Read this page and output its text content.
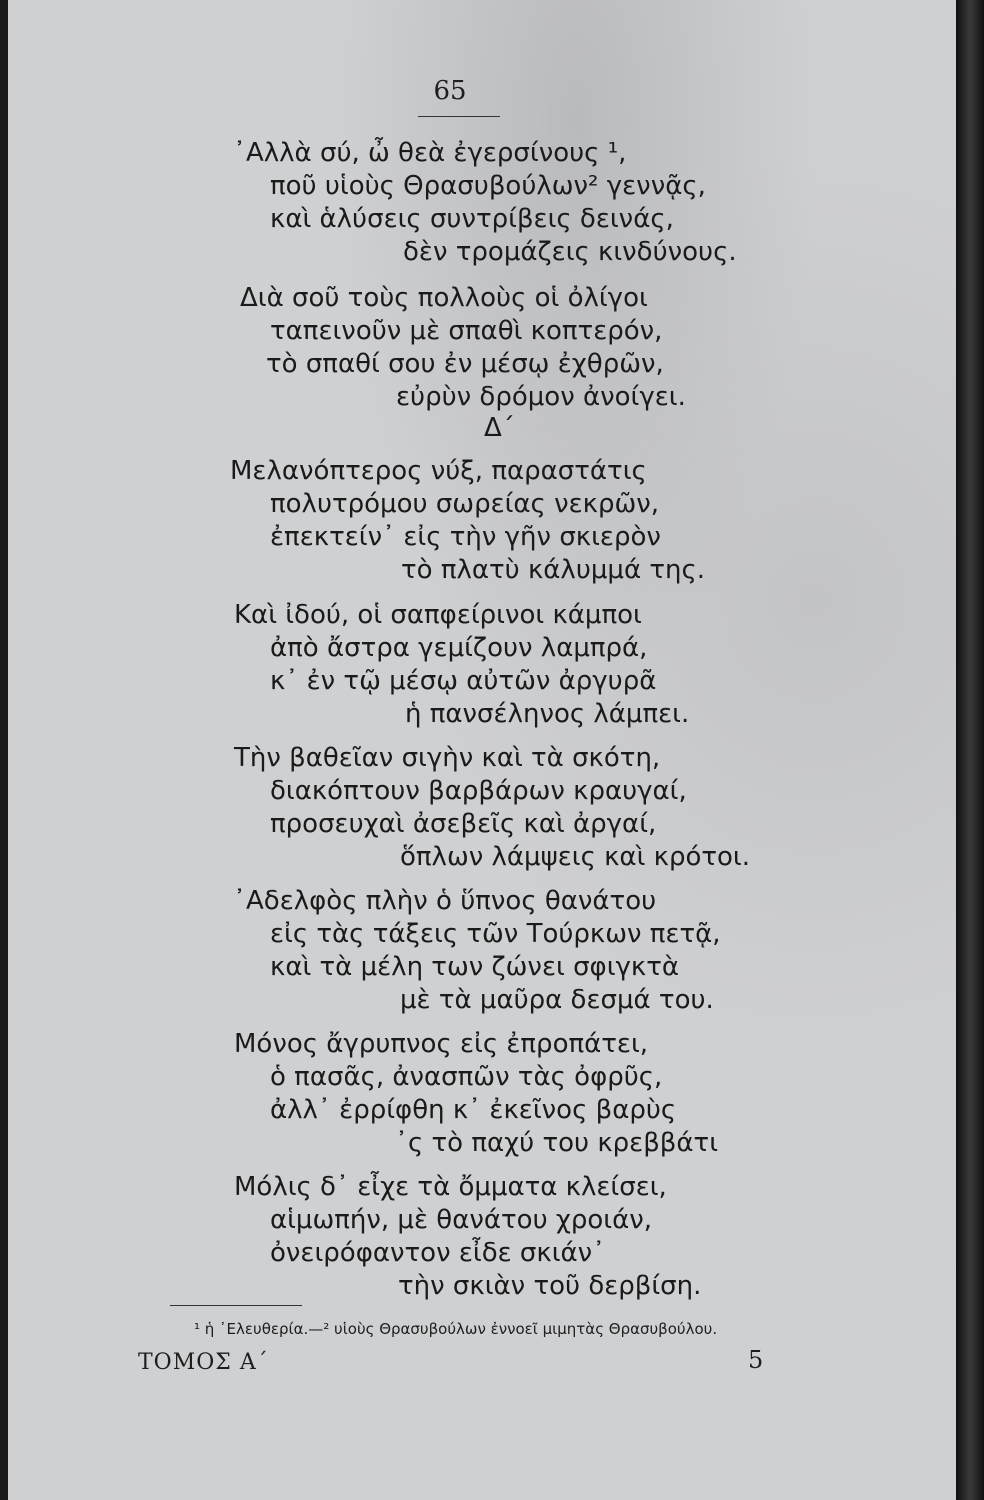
65
᾿Αλλὰ σύ, ὦ θεὰ ἐγερσίνους ¹,
ποῦ υἱοὺς Θρασυβούλων² γεννᾷς,
καὶ ἁλύσεις συντρίβεις δεινάς,
δὲν τρομάζεις κινδύνους.
Διὰ σοῦ τοὺς πολλοὺς οἱ ὀλίγοι
ταπεινοῦν μὲ σπαθὶ κοπτερόν,
τὸ σπαθί σου ἐν μέσῳ ἐχθρῶν,
εὐρὺν δρόμον ἀνοίγει.
Δ΄
Μελανόπτερος νύξ, παραστάτις
πολυτρόμου σωρείας νεκρῶν,
ἐπεκτείν᾿ εἰς τὴν γῆν σκιερὸν
τὸ πλατὺ κάλυμμά της.
Καὶ ἰδού, οἱ σαπφείρινοι κάμποι
ἀπὸ ἄστρα γεμίζουν λαμπρά,
κ᾿ ἐν τῷ μέσῳ αὐτῶν ἀργυρᾶ
ἡ πανσέληνος λάμπει.
Τὴν βαθεῖαν σιγὴν καὶ τὰ σκότη,
διακόπτουν βαρβάρων κραυγαί,
προσευχαὶ ἀσεβεῖς καὶ ἀργαί,
ὅπλων λάμψεις καὶ κρότοι.
᾿Αδελφὸς πλὴν ὁ ὕπνος θανάτου
εἰς τὰς τάξεις τῶν Τούρκων πετᾷ,
καὶ τὰ μέλη των ζώνει σφιγκτὰ
μὲ τὰ μαῦρα δεσμά του.
Μόνος ἄγρυπνος εἰς ἐπροπάτει,
ὁ πασᾶς, ἀνασπῶν τὰς ὀφρῦς,
ἀλλ᾿ ἐρρίφθη κ᾿ ἐκεῖνος βαρὺς
᾿ς τὸ παχύ του κρεββάτι
Μόλις δ᾿ εἶχε τὰ ὄμματα κλείσει,
αἱμωπήν, μὲ θανάτου χροιάν,
ὀνειρόφαντον εἶδε σκιάν᾿
τὴν σκιὰν τοῦ δερβίση.
¹ ἡ ᾿Ελευθερία.—² υἱοὺς Θρασυβούλων ἐννοεῖ μιμητὰς Θρασυβούλου.
ΤΟΜΟΣ Α΄	5
